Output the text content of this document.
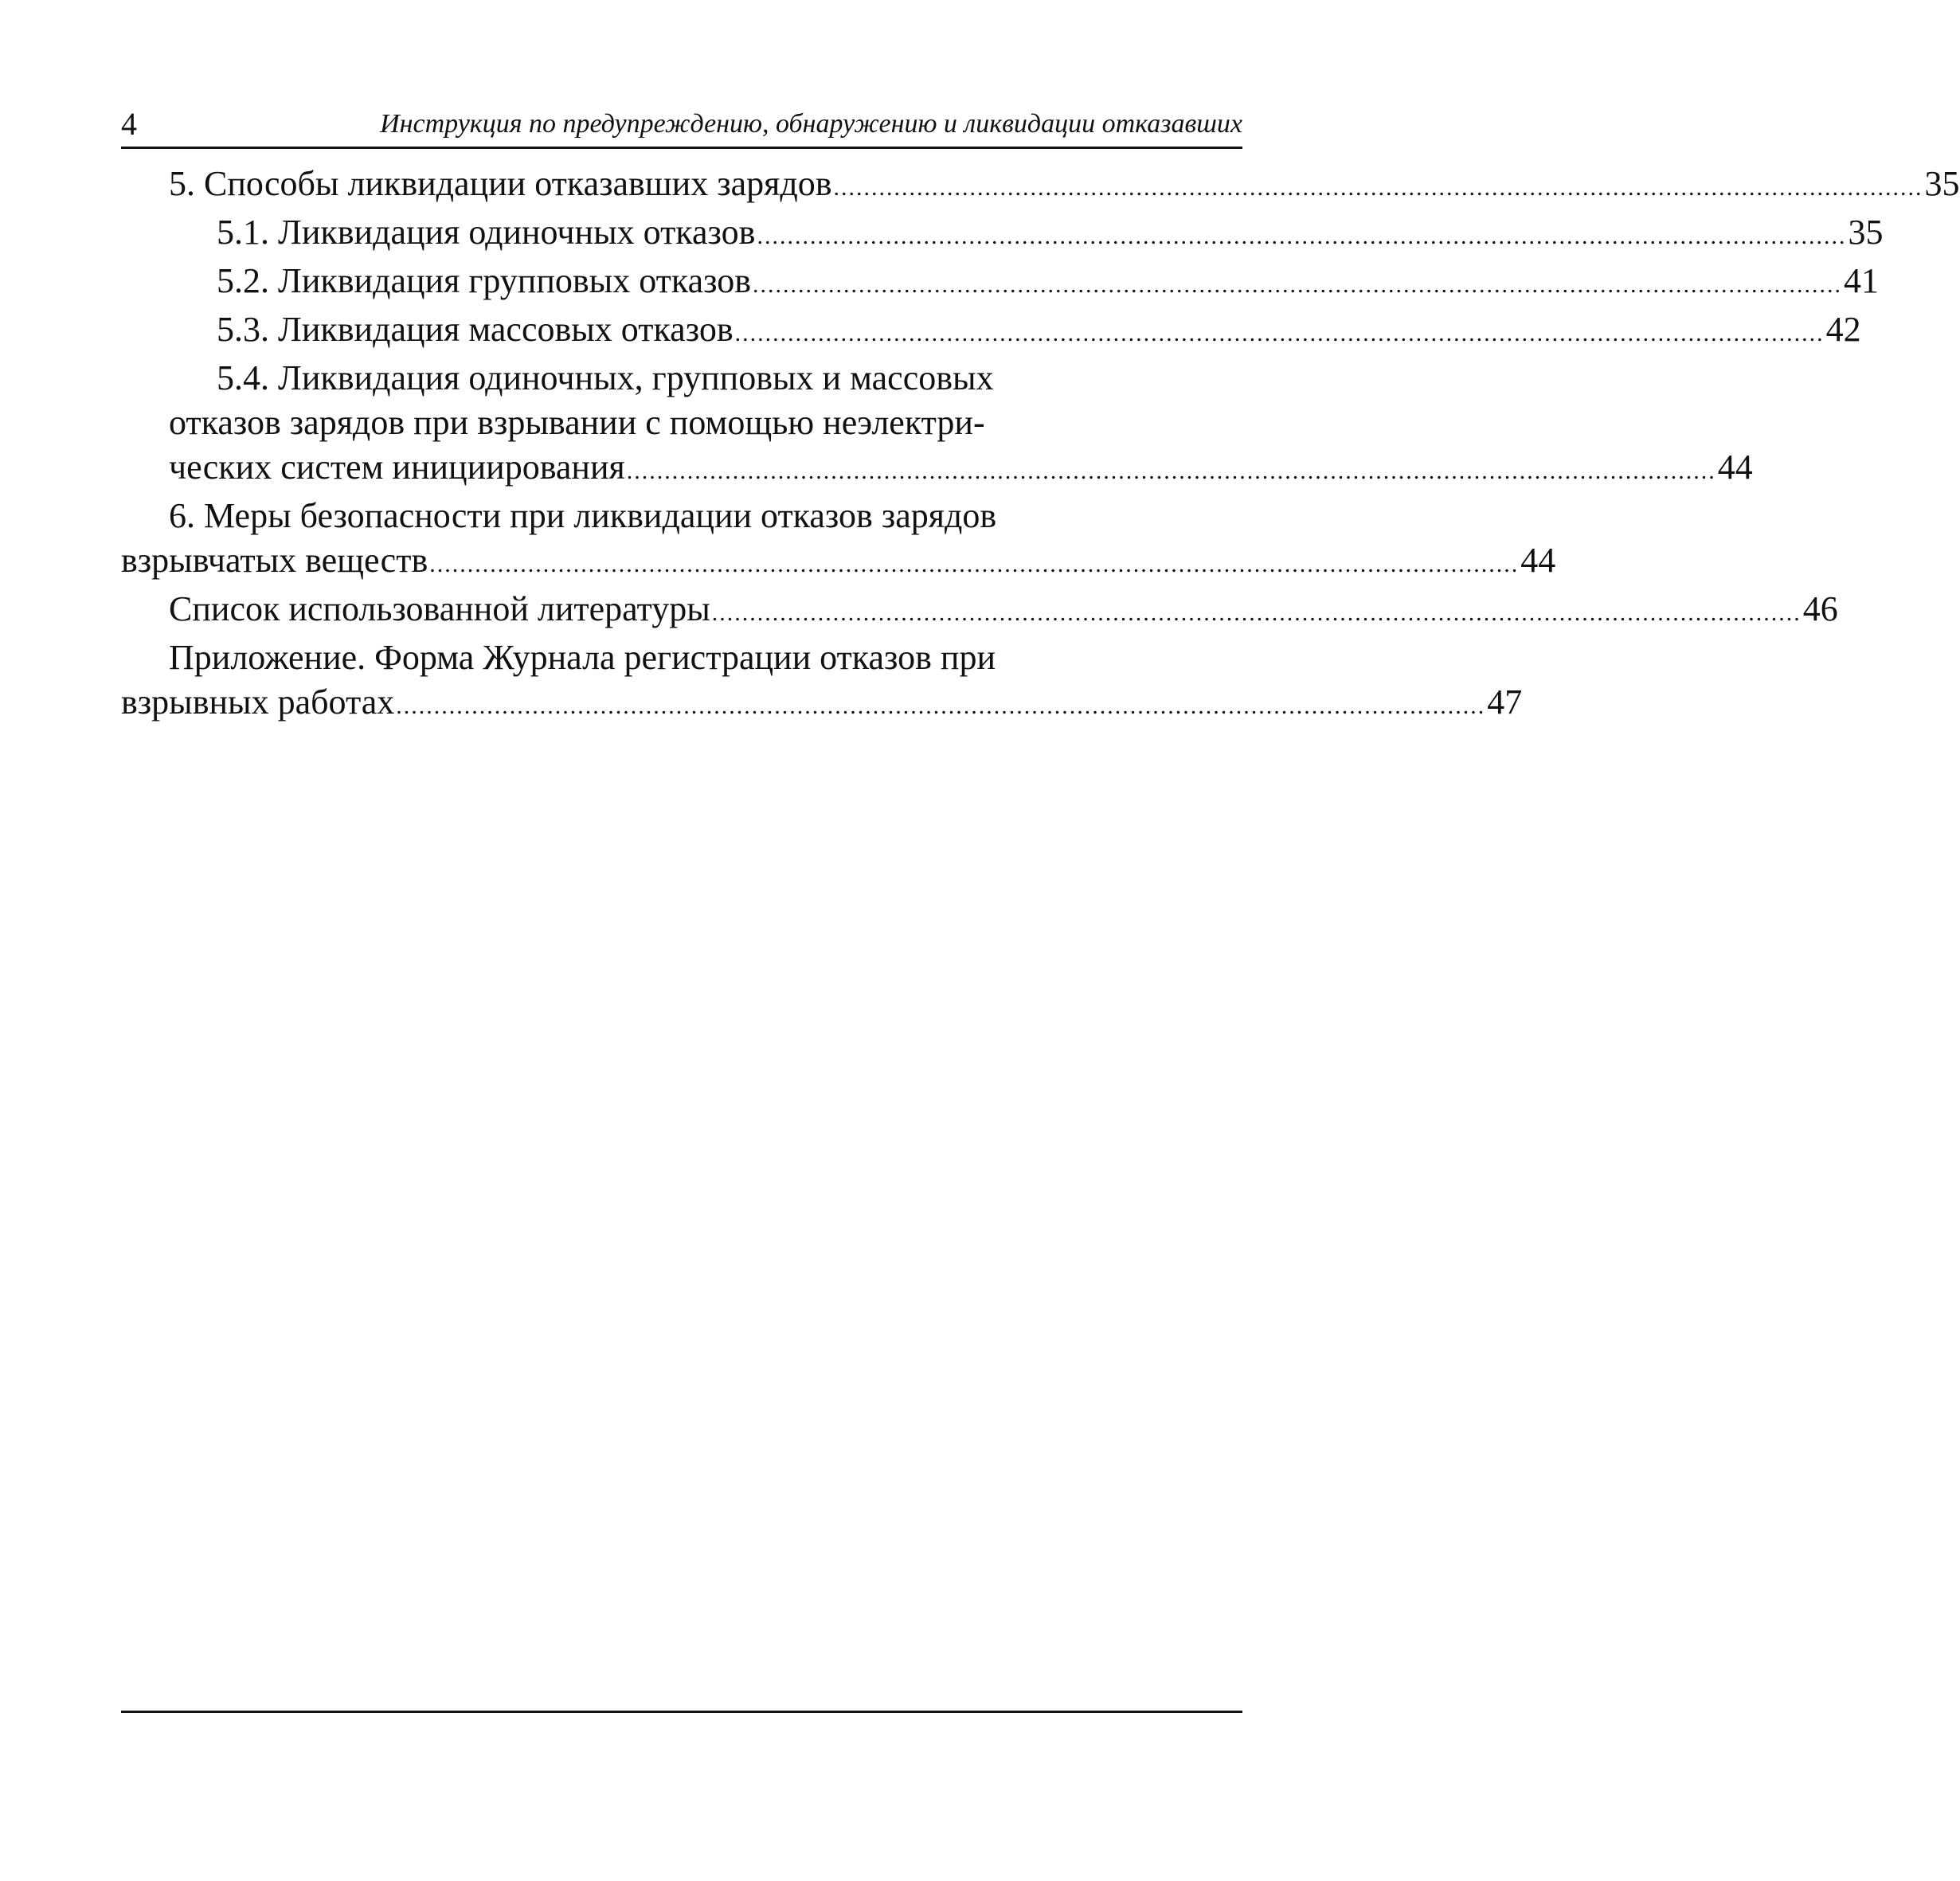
4	Инструкция по предупреждению, обнаружению и ликвидации отказавших
5. Способы ликвидации отказавших зарядов ................................................................................................................................................ 35
5.1. Ликвидация одиночных отказов ................................................................................................................................................ 35
5.2. Ликвидация групповых отказов ................................................................................................................................................ 41
5.3. Ликвидация массовых отказов ................................................................................................................................................ 42
5.4. Ликвидация одиночных, групповых и массовых
отказов зарядов при взрывании с помощью неэлектри-
ческих систем инициирования ................................................................................................................................................ 44
6. Меры безопасности при ликвидации отказов зарядов
взрывчатых веществ ................................................................................................................................................ 44
Список использованной литературы ................................................................................................................................................ 46
Приложение. Форма Журнала регистрации отказов при
взрывных работах ................................................................................................................................................ 47
